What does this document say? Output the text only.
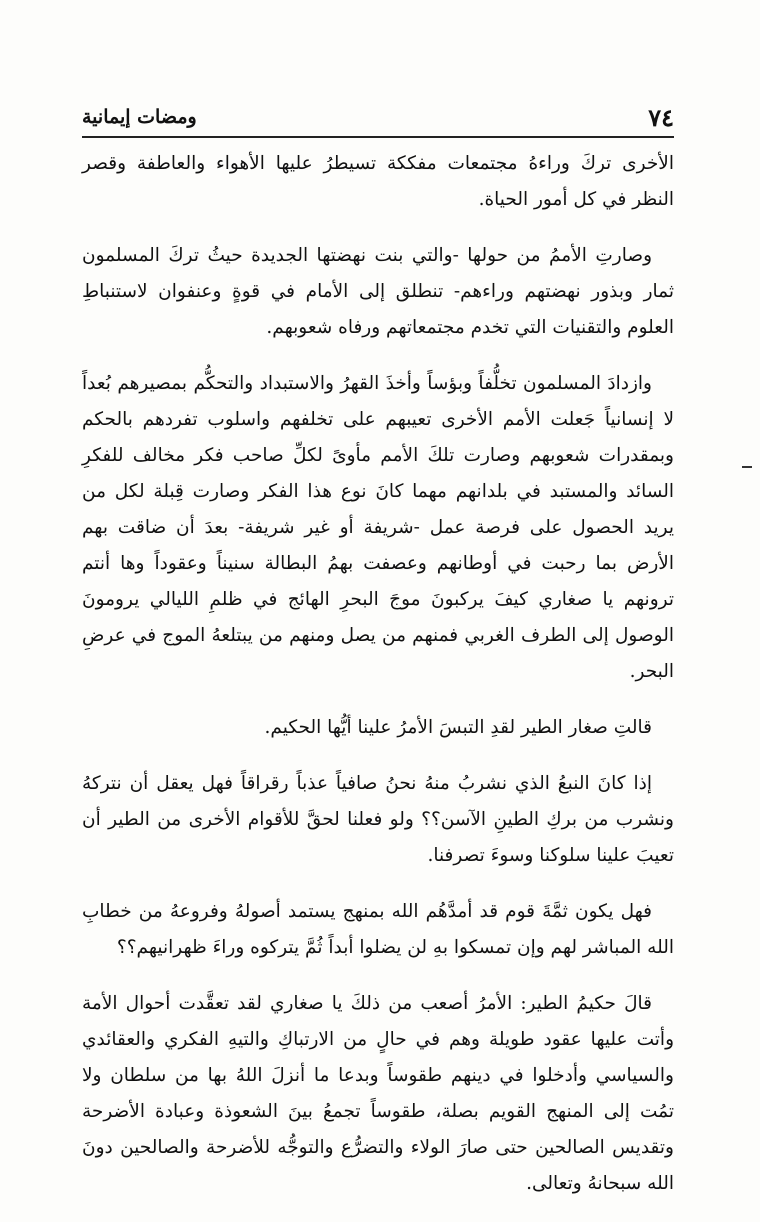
٧٤
ومضات إيمانية

الأخرى تركَ وراءهُ مجتمعات مفككة تسيطرُ عليها الأهواء والعاطفة وقصر النظر في كل أمور الحياة.

وصارتِ الأممُ من حولها -والتي بنت نهضتها الجديدة حيثُ تركَ المسلمون ثمار وبذور نهضتهم وراءهم- تنطلق إلى الأمام في قوةٍ وعنفوان لاستنباطِ العلوم والتقنيات التي تخدم مجتمعاتهم ورفاه شعوبهم.

وازدادَ المسلمون تخلُّفاً وبؤساً وأخذَ القهرُ والاستبداد والتحكُّم بمصيرهم بُعداً لا إنسانياً جَعلت الأمم الأخرى تعيبهم على تخلفهم واسلوب تفردهم بالحكم وبمقدرات شعوبهم وصارت تلكَ الأمم مأوىً لكلِّ صاحب فكر مخالف للفكرِ السائد والمستبد في بلدانهم مهما كانَ نوع هذا الفكر وصارت قِبلة لكل من يريد الحصول على فرصة عمل -شريفة أو غير شريفة- بعدَ أن ضاقت بهم الأرض بما رحبت في أوطانهم وعصفت بهمُ البطالة سنيناً وعقوداً وها أنتم ترونهم يا صغاري كيفَ يركبونَ موجَ البحرِ الهائج في ظلمِ الليالي يرومونَ الوصول إلى الطرف الغربي فمنهم من يصل ومنهم من يبتلعهُ الموج في عرضِ البحر.

قالتِ صغار الطير لقدِ التبسَ الأمرُ علينا أيُّها الحكيم.

إذا كانَ النبعُ الذي نشربُ منهُ نحنُ صافياً عذباً رقراقاً فهل يعقل أن نتركهُ ونشرب من بركِ الطينِ الآسن؟؟ ولو فعلنا لحقَّ للأقوام الأخرى من الطير أن تعيبَ علينا سلوكنا وسوءَ تصرفنا.

فهل يكون ثمَّةَ قوم قد أمدَّهُم الله بمنهج يستمد أصولهُ وفروعهُ من خطابِ الله المباشر لهم وإن تمسكوا بهِ لن يضلوا أبداً ثُمَّ يتركوه وراءَ ظهرانيهم؟؟

قالَ حكيمُ الطير: الأمرُ أصعب من ذلكَ يا صغاري لقد تعقَّدت أحوال الأمة وأتت عليها عقود طويلة وهم في حالٍ من الارتباكِ والتيهِ الفكري والعقائدي والسياسي وأدخلوا في دينهم طقوساً وبدعا ما أنزلَ اللهُ بها من سلطان ولا تمُت إلى المنهج القويم بصلة، طقوساً تجمعُ بينَ الشعوذة وعبادة الأضرحة وتقديس الصالحين حتى صارَ الولاء والتضرُّع والتوجُّه للأضرحة والصالحين دونَ الله سبحانهُ وتعالى.
